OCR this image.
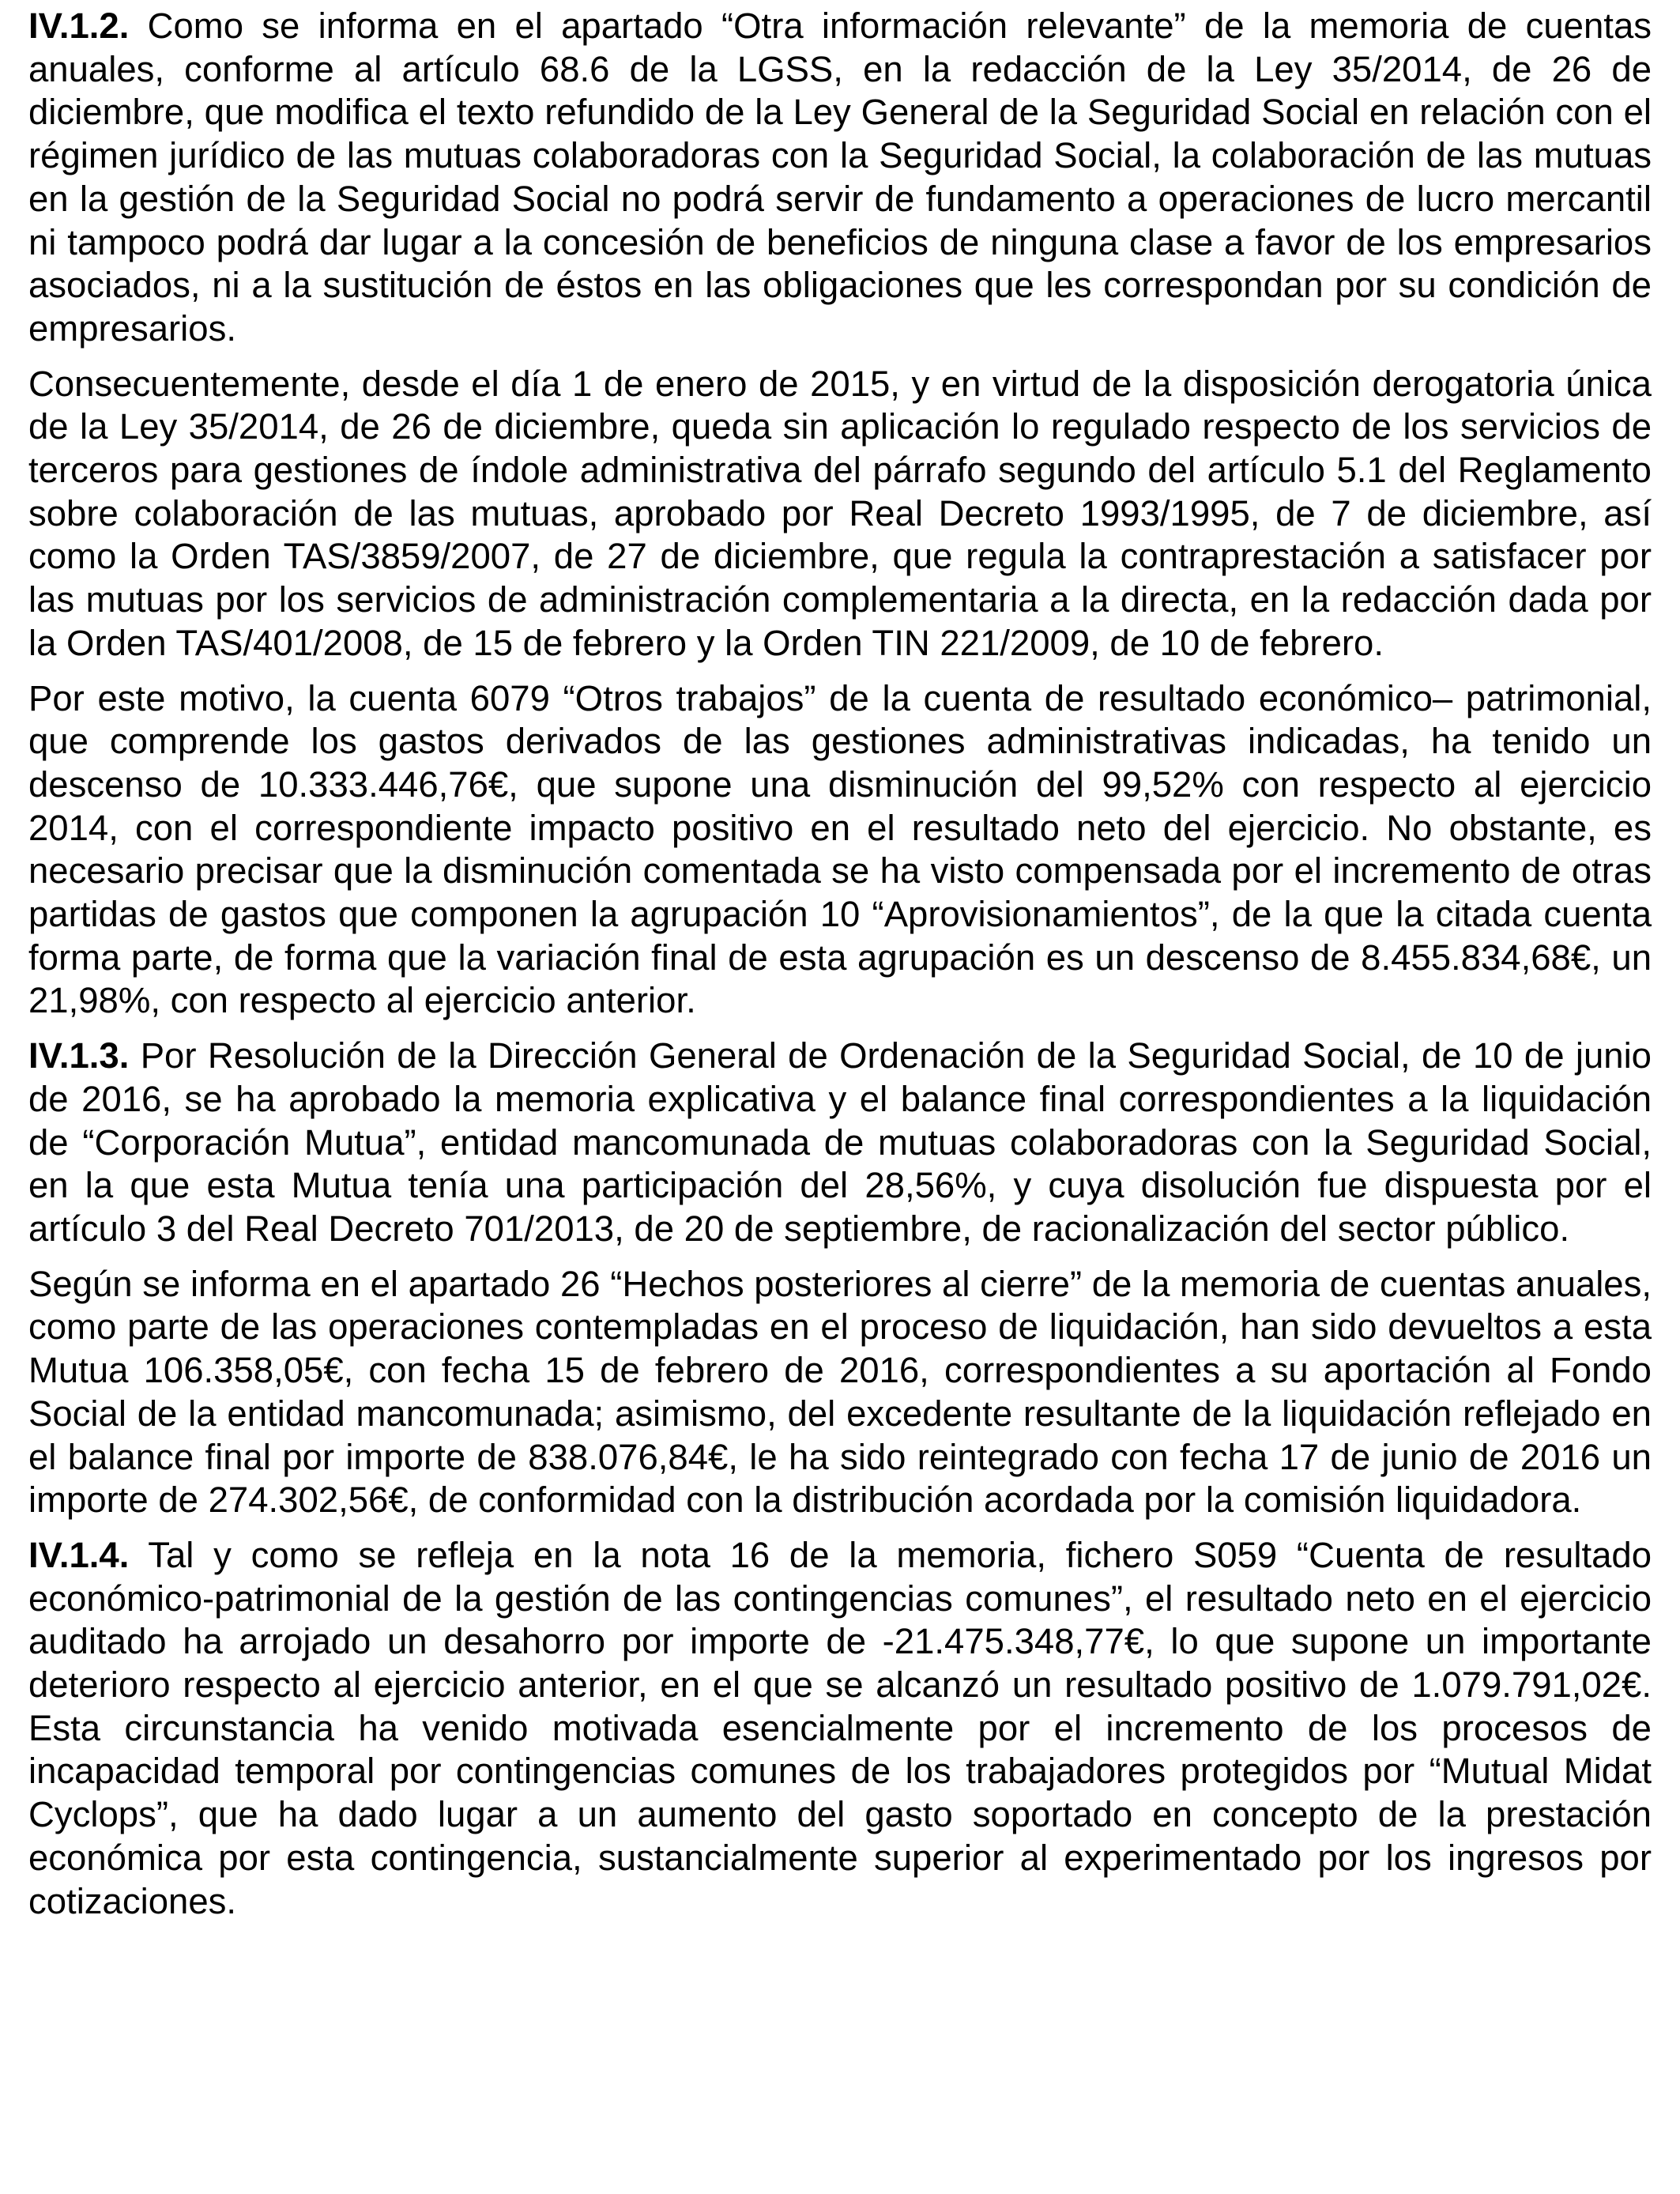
IV.1.2. Como se informa en el apartado “Otra información relevante” de la memoria de cuentas anuales, conforme al artículo 68.6 de la LGSS, en la redacción de la Ley 35/2014, de 26 de diciembre, que modifica el texto refundido de la Ley General de la Seguridad Social en relación con el régimen jurídico de las mutuas colaboradoras con la Seguridad Social, la colaboración de las mutuas en la gestión de la Seguridad Social no podrá servir de fundamento a operaciones de lucro mercantil ni tampoco podrá dar lugar a la concesión de beneficios de ninguna clase a favor de los empresarios asociados, ni a la sustitución de éstos en las obligaciones que les correspondan por su condición de empresarios.

Consecuentemente, desde el día 1 de enero de 2015, y en virtud de la disposición derogatoria única de la Ley 35/2014, de 26 de diciembre, queda sin aplicación lo regulado respecto de los servicios de terceros para gestiones de índole administrativa del párrafo segundo del artículo 5.1 del Reglamento sobre colaboración de las mutuas, aprobado por Real Decreto 1993/1995, de 7 de diciembre, así como la Orden TAS/3859/2007, de 27 de diciembre, que regula la contraprestación a satisfacer por las mutuas por los servicios de administración complementaria a la directa, en la redacción dada por la Orden TAS/401/2008, de 15 de febrero y la Orden TIN 221/2009, de 10 de febrero.

Por este motivo, la cuenta 6079 “Otros trabajos” de la cuenta de resultado económico– patrimonial, que comprende los gastos derivados de las gestiones administrativas indicadas, ha tenido un descenso de 10.333.446,76€, que supone una disminución del 99,52% con respecto al ejercicio 2014, con el correspondiente impacto positivo en el resultado neto del ejercicio. No obstante, es necesario precisar que la disminución comentada se ha visto compensada por el incremento de otras partidas de gastos que componen la agrupación 10 “Aprovisionamientos”, de la que la citada cuenta forma parte, de forma que la variación final de esta agrupación es un descenso de 8.455.834,68€, un 21,98%, con respecto al ejercicio anterior.

IV.1.3. Por Resolución de la Dirección General de Ordenación de la Seguridad Social, de 10 de junio de 2016, se ha aprobado la memoria explicativa y el balance final correspondientes a la liquidación de “Corporación Mutua”, entidad mancomunada de mutuas colaboradoras con la Seguridad Social, en la que esta Mutua tenía una participación del 28,56%, y cuya disolución fue dispuesta por el artículo 3 del Real Decreto 701/2013, de 20 de septiembre, de racionalización del sector público.

Según se informa en el apartado 26 “Hechos posteriores al cierre” de la memoria de cuentas anuales, como parte de las operaciones contempladas en el proceso de liquidación, han sido devueltos a esta Mutua 106.358,05€, con fecha 15 de febrero de 2016, correspondientes a su aportación al Fondo Social de la entidad mancomunada; asimismo, del excedente resultante de la liquidación reflejado en el balance final por importe de 838.076,84€, le ha sido reintegrado con fecha 17 de junio de 2016 un importe de 274.302,56€, de conformidad con la distribución acordada por la comisión liquidadora.

IV.1.4. Tal y como se refleja en la nota 16 de la memoria, fichero S059 “Cuenta de resultado económico-patrimonial de la gestión de las contingencias comunes”, el resultado neto en el ejercicio auditado ha arrojado un desahorro por importe de -21.475.348,77€, lo que supone un importante deterioro respecto al ejercicio anterior, en el que se alcanzó un resultado positivo de 1.079.791,02€. Esta circunstancia ha venido motivada esencialmente por el incremento de los procesos de incapacidad temporal por contingencias comunes de los trabajadores protegidos por “Mutual Midat Cyclops”, que ha dado lugar a un aumento del gasto soportado en concepto de la prestación económica por esta contingencia, sustancialmente superior al experimentado por los ingresos por cotizaciones.
